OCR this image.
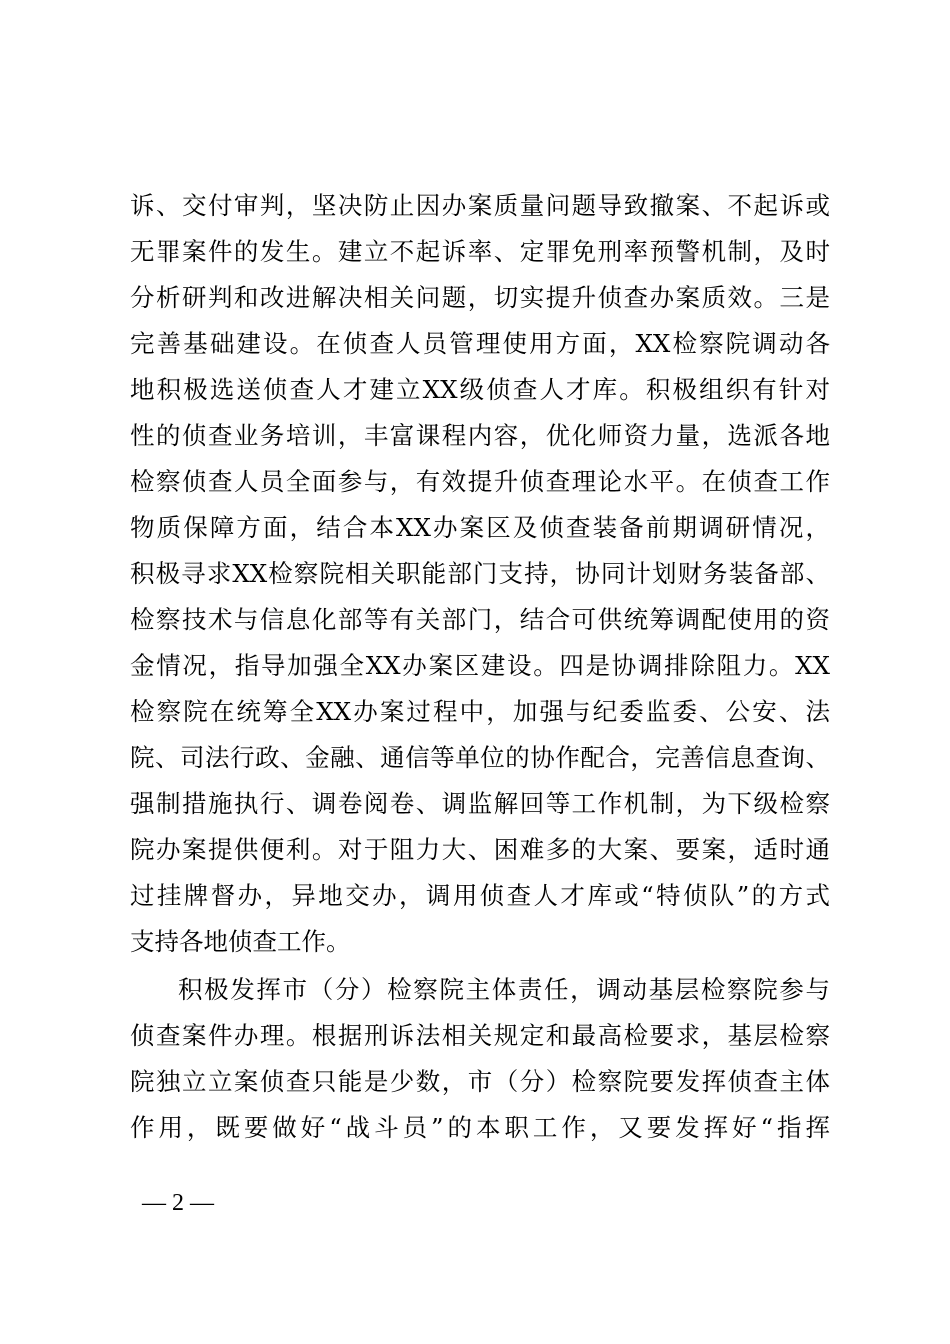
诉、交付审判，坚决防止因办案质量问题导致撤案、不起诉或
无罪案件的发生。建立不起诉率、定罪免刑率预警机制，及时
分析研判和改进解决相关问题，切实提升侦查办案质效。三是
完善基础建设。在侦查人员管理使用方面，XX检察院调动各
地积极选送侦查人才建立XX级侦查人才库。积极组织有针对
性的侦查业务培训，丰富课程内容，优化师资力量，选派各地
检察侦查人员全面参与，有效提升侦查理论水平。在侦查工作
物质保障方面，结合本XX办案区及侦查装备前期调研情况，
积极寻求XX检察院相关职能部门支持，协同计划财务装备部、
检察技术与信息化部等有关部门，结合可供统筹调配使用的资
金情况，指导加强全XX办案区建设。四是协调排除阻力。XX
检察院在统筹全XX办案过程中，加强与纪委监委、公安、法
院、司法行政、金融、通信等单位的协作配合，完善信息查询、
强制措施执行、调卷阅卷、调监解回等工作机制，为下级检察
院办案提供便利。对于阻力大、困难多的大案、要案，适时通
过挂牌督办，异地交办，调用侦查人才库或“特侦队”的方式
支持各地侦查工作。
积极发挥市（分）检察院主体责任，调动基层检察院参与
侦查案件办理。根据刑诉法相关规定和最高检要求，基层检察
院独立立案侦查只能是少数，市（分）检察院要发挥侦查主体
作用，既要做好“战斗员”的本职工作，又要发挥好“指挥
— 2 —
